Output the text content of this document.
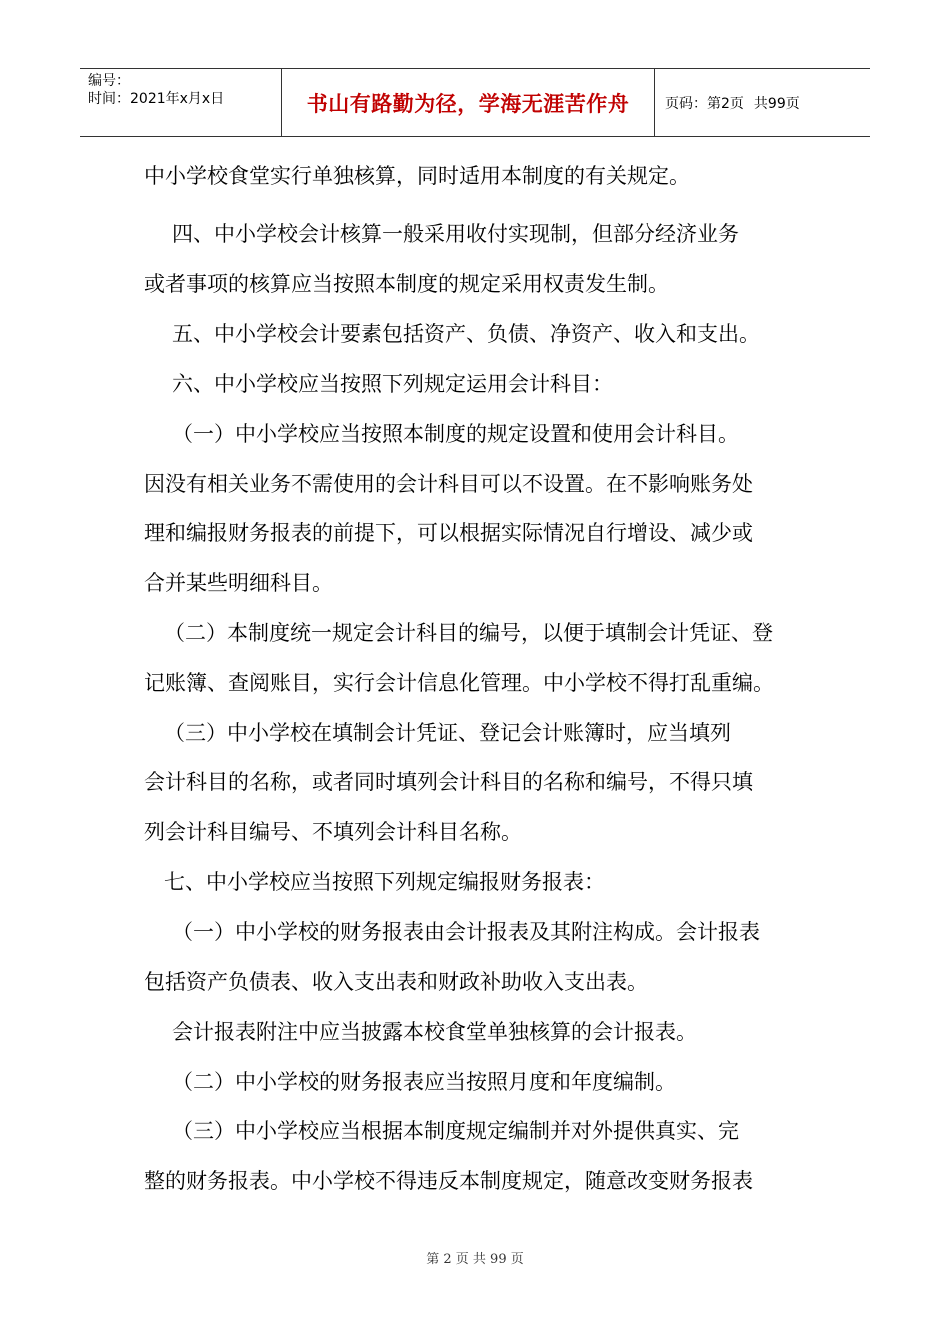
编号：
时间：2021年x月x日	书山有路勤为径，学海无涯苦作舟	页码：第2页 共99页
中小学校食堂实行单独核算，同时适用本制度的有关规定。
四、中小学校会计核算一般采用收付实现制，但部分经济业务
或者事项的核算应当按照本制度的规定采用权责发生制。
五、中小学校会计要素包括资产、负债、净资产、收入和支出。
六、中小学校应当按照下列规定运用会计科目：
（一）中小学校应当按照本制度的规定设置和使用会计科目。
因没有相关业务不需使用的会计科目可以不设置。在不影响账务处
理和编报财务报表的前提下，可以根据实际情况自行增设、减少或
合并某些明细科目。
（二）本制度统一规定会计科目的编号，以便于填制会计凭证、登
记账簿、查阅账目，实行会计信息化管理。中小学校不得打乱重编。
（三）中小学校在填制会计凭证、登记会计账簿时，应当填列
会计科目的名称，或者同时填列会计科目的名称和编号，不得只填
列会计科目编号、不填列会计科目名称。
七、中小学校应当按照下列规定编报财务报表：
（一）中小学校的财务报表由会计报表及其附注构成。会计报表
包括资产负债表、收入支出表和财政补助收入支出表。
会计报表附注中应当披露本校食堂单独核算的会计报表。
（二）中小学校的财务报表应当按照月度和年度编制。
（三）中小学校应当根据本制度规定编制并对外提供真实、完
整的财务报表。中小学校不得违反本制度规定，随意改变财务报表
第 2 页 共 99 页
